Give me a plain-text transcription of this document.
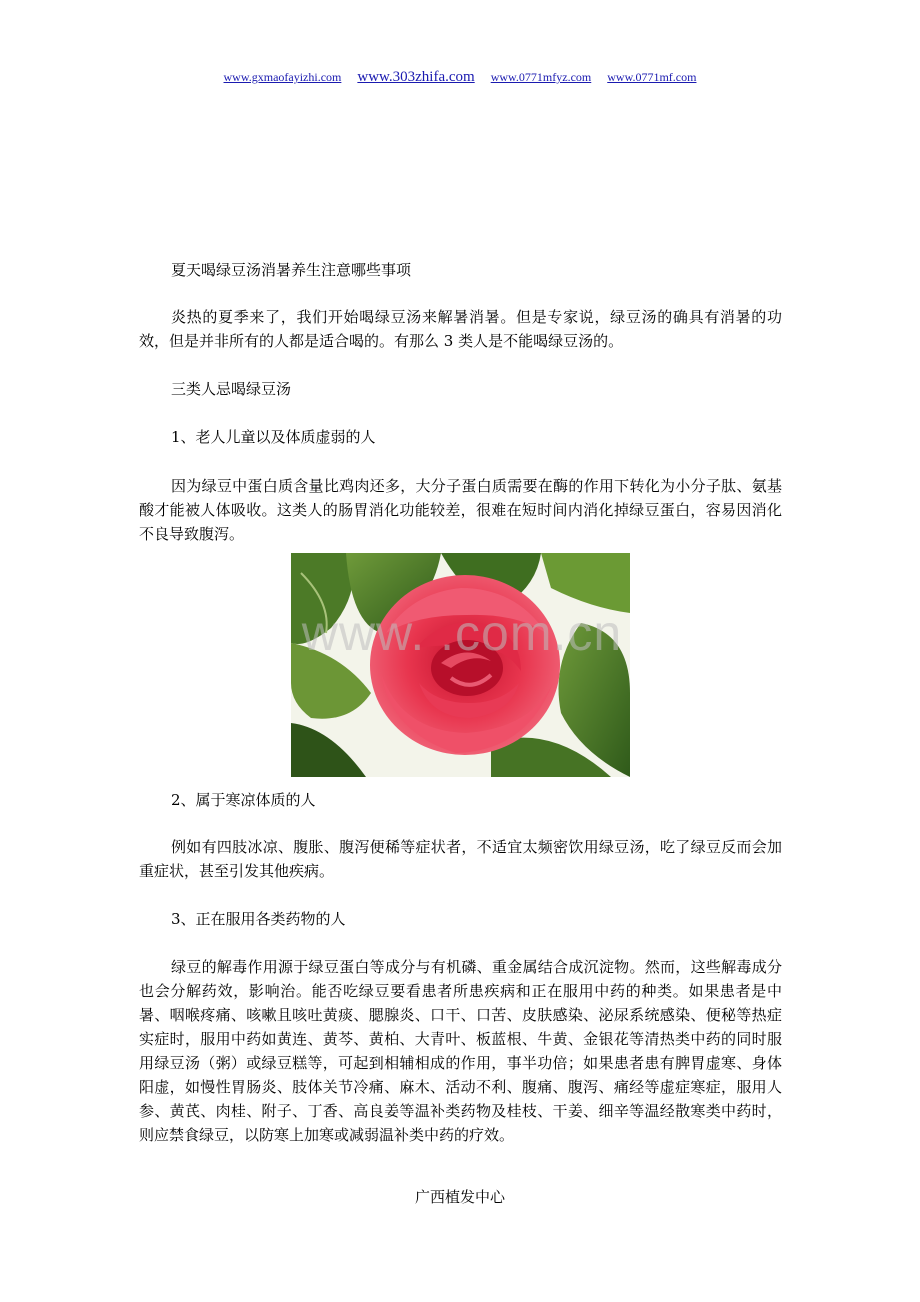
www.gxmaofayizhi.com www.303zhifa.com www.0771mfyz.com www.0771mf.com

夏天喝绿豆汤消暑养生注意哪些事项

炎热的夏季来了，我们开始喝绿豆汤来解暑消暑。但是专家说，绿豆汤的确具有消暑的功效，但是并非所有的人都是适合喝的。有那么 3 类人是不能喝绿豆汤的。

三类人忌喝绿豆汤

1、老人儿童以及体质虚弱的人

因为绿豆中蛋白质含量比鸡肉还多，大分子蛋白质需要在酶的作用下转化为小分子肽、氨基酸才能被人体吸收。这类人的肠胃消化功能较差，很难在短时间内消化掉绿豆蛋白，容易因消化不良导致腹泻。

2、属于寒凉体质的人

例如有四肢冰凉、腹胀、腹泻便稀等症状者，不适宜太频密饮用绿豆汤，吃了绿豆反而会加重症状，甚至引发其他疾病。

3、正在服用各类药物的人

绿豆的解毒作用源于绿豆蛋白等成分与有机磷、重金属结合成沉淀物。然而，这些解毒成分也会分解药效，影响治。能否吃绿豆要看患者所患疾病和正在服用中药的种类。如果患者是中暑、咽喉疼痛、咳嗽且咳吐黄痰、腮腺炎、口干、口苦、皮肤感染、泌尿系统感染、便秘等热症实症时，服用中药如黄连、黄芩、黄柏、大青叶、板蓝根、牛黄、金银花等清热类中药的同时服用绿豆汤（粥）或绿豆糕等，可起到相辅相成的作用，事半功倍；如果患者患有脾胃虚寒、身体阳虚，如慢性胃肠炎、肢体关节冷痛、麻木、活动不利、腹痛、腹泻、痛经等虚症寒症，服用人参、黄芪、肉桂、附子、丁香、高良姜等温补类药物及桂枝、干姜、细辛等温经散寒类中药时，则应禁食绿豆，以防寒上加寒或减弱温补类中药的疗效。

www. .com.cn
广西植发中心
